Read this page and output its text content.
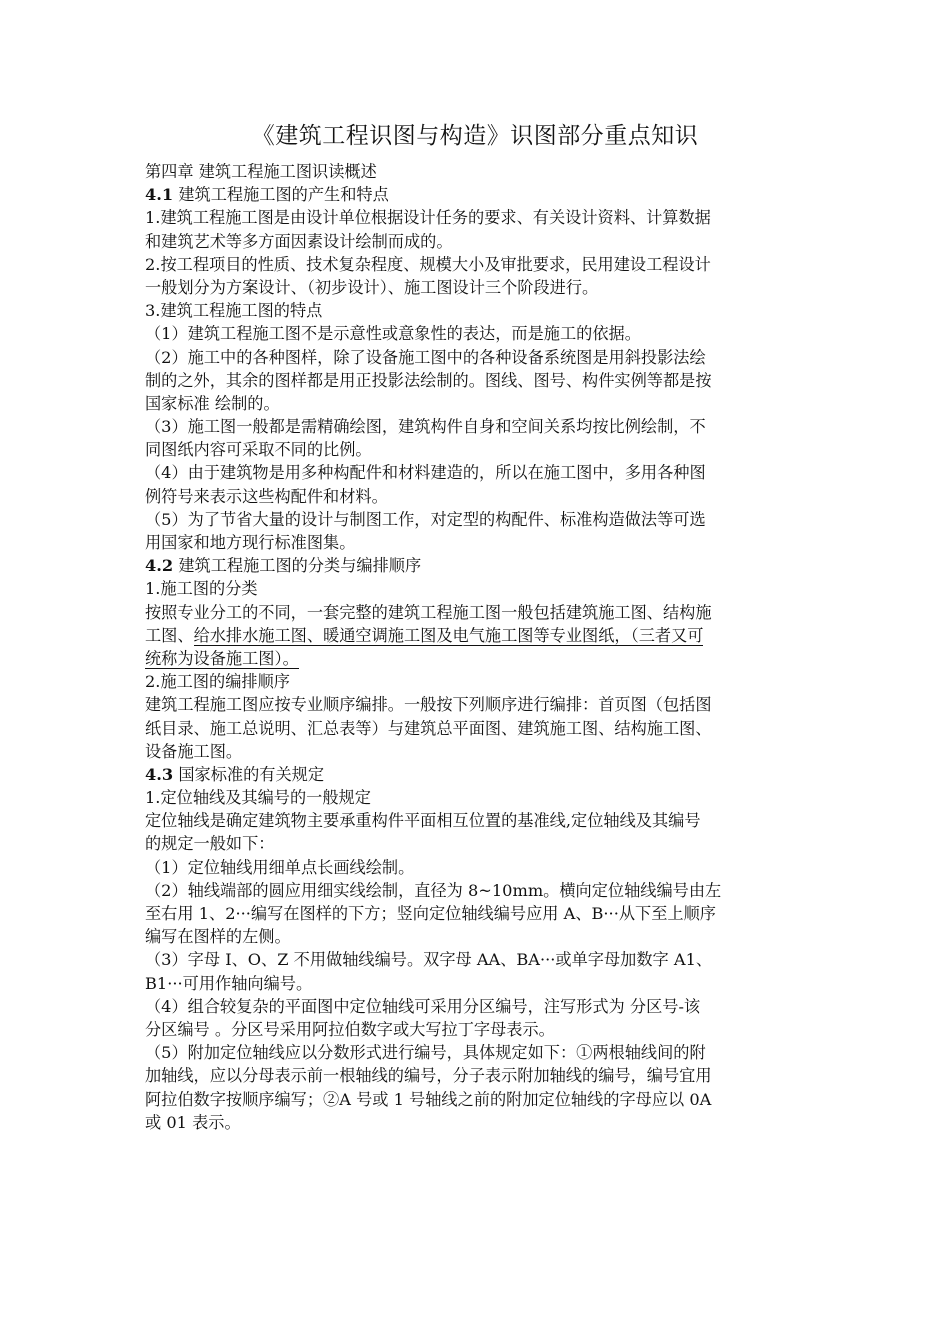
《建筑工程识图与构造》识图部分重点知识
第四章 建筑工程施工图识读概述
4.1 建筑工程施工图的产生和特点
1.建筑工程施工图是由设计单位根据设计任务的要求、有关设计资料、计算数据
和建筑艺术等多方面因素设计绘制而成的。
2.按工程项目的性质、技术复杂程度、规模大小及审批要求，民用建设工程设计
一般划分为方案设计、（初步设计）、施工图设计三个阶段进行。
3.建筑工程施工图的特点
（1）建筑工程施工图不是示意性或意象性的表达，而是施工的依据。
（2）施工中的各种图样，除了设备施工图中的各种设备系统图是用斜投影法绘
制的之外，其余的图样都是用正投影法绘制的。图线、图号、构件实例等都是按
国家标准 绘制的。
（3）施工图一般都是需精确绘图，建筑构件自身和空间关系均按比例绘制，不
同图纸内容可采取不同的比例。
（4）由于建筑物是用多种构配件和材料建造的，所以在施工图中，多用各种图
例符号来表示这些构配件和材料。
（5）为了节省大量的设计与制图工作，对定型的构配件、标准构造做法等可选
用国家和地方现行标准图集。
4.2 建筑工程施工图的分类与编排顺序
1.施工图的分类
按照专业分工的不同，一套完整的建筑工程施工图一般包括建筑施工图、结构施
工图、给水排水施工图、暖通空调施工图及电气施工图等专业图纸，（三者又可
统称为设备施工图）。
2.施工图的编排顺序
建筑工程施工图应按专业顺序编排。一般按下列顺序进行编排：首页图（包括图
纸目录、施工总说明、汇总表等）与建筑总平面图、建筑施工图、结构施工图、
设备施工图。
4.3 国家标准的有关规定
1.定位轴线及其编号的一般规定
定位轴线是确定建筑物主要承重构件平面相互位置的基准线,定位轴线及其编号
的规定一般如下：
（1）定位轴线用细单点长画线绘制。
（2）轴线端部的圆应用细实线绘制，直径为 8~10mm。横向定位轴线编号由左
至右用 1、2···编写在图样的下方；竖向定位轴线编号应用 A、B···从下至上顺序
编写在图样的左侧。
（3）字母 I、O、Z 不用做轴线编号。双字母 AA、BA···或单字母加数字 A1、
B1···可用作轴向编号。
（4）组合较复杂的平面图中定位轴线可采用分区编号，注写形式为 分区号-该
分区编号 。分区号采用阿拉伯数字或大写拉丁字母表示。
（5）附加定位轴线应以分数形式进行编号，具体规定如下：①两根轴线间的附
加轴线，应以分母表示前一根轴线的编号，分子表示附加轴线的编号，编号宜用
阿拉伯数字按顺序编写；②A 号或 1 号轴线之前的附加定位轴线的字母应以 0A
或 01 表示。
